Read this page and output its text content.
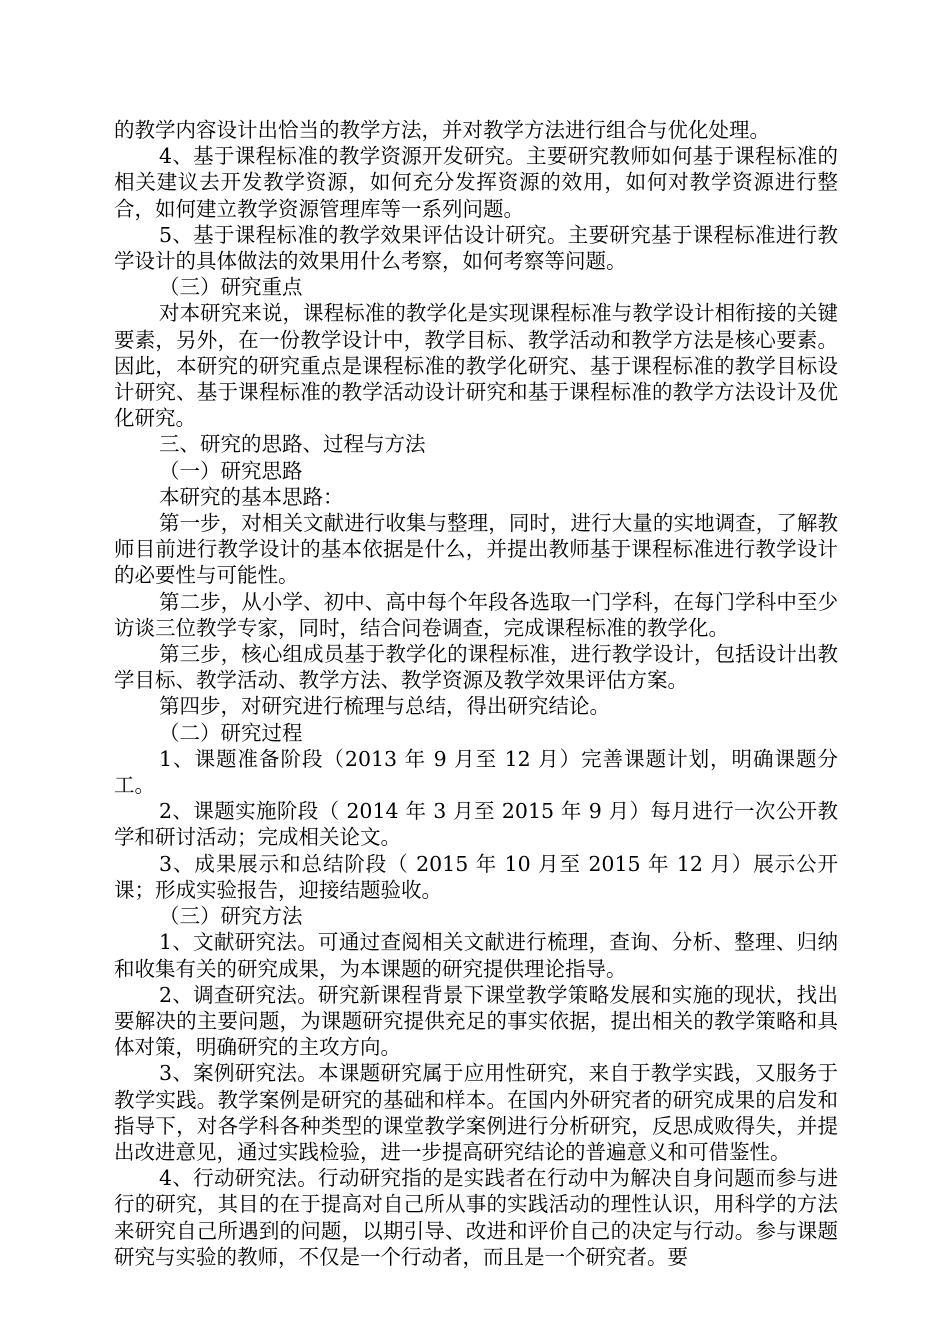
的教学内容设计出恰当的教学方法，并对教学方法进行组合与优化处理。

4、基于课程标准的教学资源开发研究。主要研究教师如何基于课程标准的相关建议去开发教学资源，如何充分发挥资源的效用，如何对教学资源进行整合，如何建立教学资源管理库等一系列问题。

5、基于课程标准的教学效果评估设计研究。主要研究基于课程标准进行教学设计的具体做法的效果用什么考察，如何考察等问题。

（三）研究重点

对本研究来说，课程标准的教学化是实现课程标准与教学设计相衔接的关键要素，另外，在一份教学设计中，教学目标、教学活动和教学方法是核心要素。因此，本研究的研究重点是课程标准的教学化研究、基于课程标准的教学目标设计研究、基于课程标准的教学活动设计研究和基于课程标准的教学方法设计及优化研究。

三、研究的思路、过程与方法

（一）研究思路

本研究的基本思路：

第一步，对相关文献进行收集与整理，同时，进行大量的实地调查，了解教师目前进行教学设计的基本依据是什么，并提出教师基于课程标准进行教学设计的必要性与可能性。

第二步，从小学、初中、高中每个年段各选取一门学科，在每门学科中至少访谈三位教学专家，同时，结合问卷调查，完成课程标准的教学化。

第三步，核心组成员基于教学化的课程标准，进行教学设计，包括设计出教学目标、教学活动、教学方法、教学资源及教学效果评估方案。

第四步，对研究进行梳理与总结，得出研究结论。

（二）研究过程

1、课题准备阶段（2013 年 9 月至 12 月）完善课题计划，明确课题分工。

2、课题实施阶段（ 2014 年 3 月至 2015 年 9 月）每月进行一次公开教学和研讨活动；完成相关论文。

3、成果展示和总结阶段（ 2015 年 10 月至 2015 年 12 月）展示公开课；形成实验报告，迎接结题验收。

（三）研究方法

1、文献研究法。可通过查阅相关文献进行梳理，查询、分析、整理、归纳和收集有关的研究成果，为本课题的研究提供理论指导。

2、调查研究法。研究新课程背景下课堂教学策略发展和实施的现状，找出要解决的主要问题，为课题研究提供充足的事实依据，提出相关的教学策略和具体对策，明确研究的主攻方向。

3、案例研究法。本课题研究属于应用性研究，来自于教学实践，又服务于教学实践。教学案例是研究的基础和样本。在国内外研究者的研究成果的启发和指导下，对各学科各种类型的课堂教学案例进行分析研究，反思成败得失，并提出改进意见，通过实践检验，进一步提高研究结论的普遍意义和可借鉴性。

4、行动研究法。行动研究指的是实践者在行动中为解决自身问题而参与进行的研究，其目的在于提高对自己所从事的实践活动的理性认识，用科学的方法来研究自己所遇到的问题，以期引导、改进和评价自己的决定与行动。参与课题研究与实验的教师，不仅是一个行动者，而且是一个研究者。要
